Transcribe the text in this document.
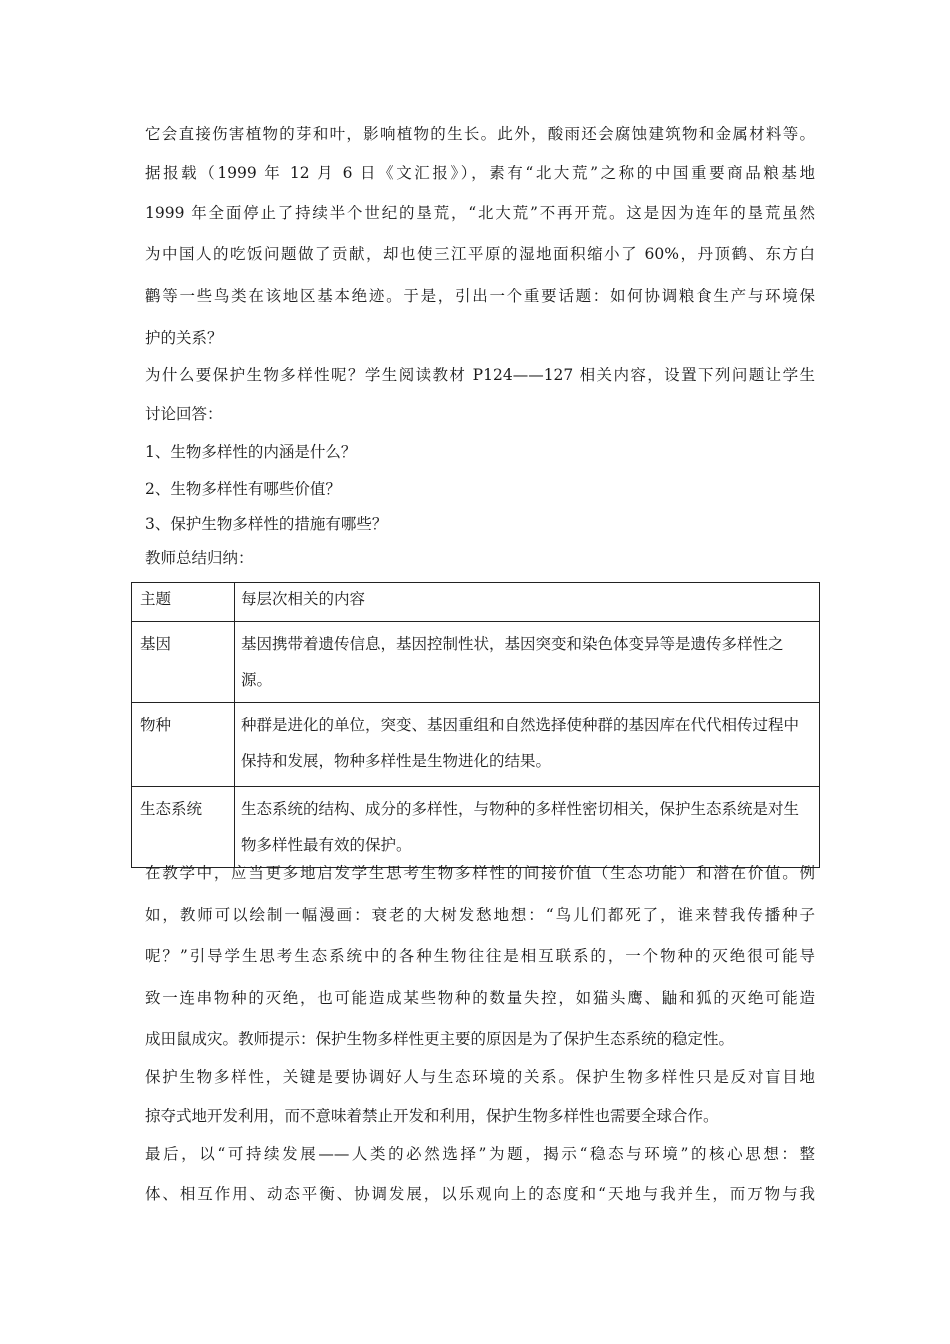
它会直接伤害植物的芽和叶，影响植物的生长。此外，酸雨还会腐蚀建筑物和金属材料等。
据报载（1999 年 12 月 6 日《文汇报》），素有“北大荒”之称的中国重要商品粮基地
1999 年全面停止了持续半个世纪的垦荒，“北大荒”不再开荒。这是因为连年的垦荒虽然
为中国人的吃饭问题做了贡献，却也使三江平原的湿地面积缩小了 60%，丹顶鹤、东方白
鹳等一些鸟类在该地区基本绝迹。于是，引出一个重要话题：如何协调粮食生产与环境保
护的关系？
为什么要保护生物多样性呢？学生阅读教材 P124——127 相关内容，设置下列问题让学生
讨论回答：
1、生物多样性的内涵是什么？
2、生物多样性有哪些价值？
3、保护生物多样性的措施有哪些？
教师总结归纳：
主题	每层次相关的内容
基因	基因携带着遗传信息，基因控制性状，基因突变和染色体变异等是遗传多样性之源。
物种	种群是进化的单位，突变、基因重组和自然选择使种群的基因库在代代相传过程中保持和发展，物种多样性是生物进化的结果。
生态系统	生态系统的结构、成分的多样性，与物种的多样性密切相关，保护生态系统是对生物多样性最有效的保护。
在教学中，应当更多地启发学生思考生物多样性的间接价值（生态功能）和潜在价值。例
如，教师可以绘制一幅漫画：衰老的大树发愁地想：“鸟儿们都死了，谁来替我传播种子
呢？”引导学生思考生态系统中的各种生物往往是相互联系的，一个物种的灭绝很可能导
致一连串物种的灭绝，也可能造成某些物种的数量失控，如猫头鹰、鼬和狐的灭绝可能造
成田鼠成灾。教师提示：保护生物多样性更主要的原因是为了保护生态系统的稳定性。
保护生物多样性，关键是要协调好人与生态环境的关系。保护生物多样性只是反对盲目地
掠夺式地开发利用，而不意味着禁止开发和利用，保护生物多样性也需要全球合作。
最后，以“可持续发展——人类的必然选择”为题，揭示“稳态与环境”的核心思想：整
体、相互作用、动态平衡、协调发展，以乐观向上的态度和“天地与我并生，而万物与我
